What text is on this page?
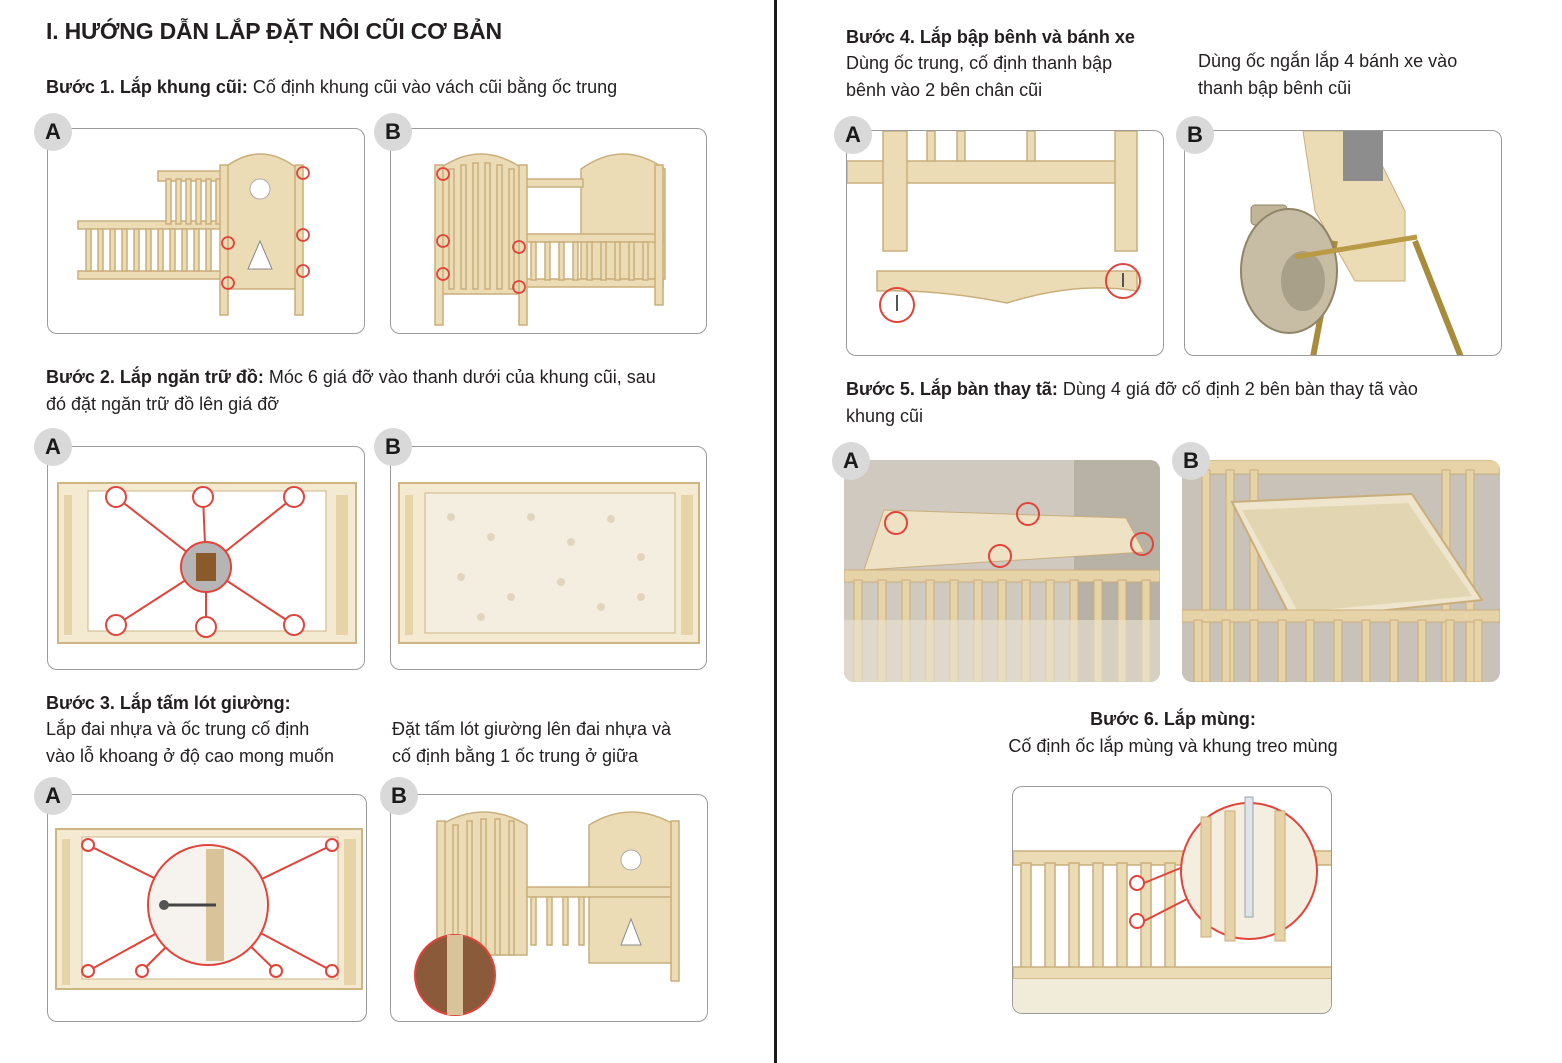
I. HƯỚNG DẪN LẮP ĐẶT NÔI CŨI CƠ BẢN
Bước 1. Lắp khung cũi: Cố định khung cũi vào vách cũi bằng ốc trung
A	B
Bước 2. Lắp ngăn trữ đồ: Móc 6 giá đỡ vào thanh dưới của khung cũi, sau
đó đặt ngăn trữ đồ lên giá đỡ
A	B
Bước 3. Lắp tấm lót giường:
Lắp đai nhựa và ốc trung cố định
vào lỗ khoang ở độ cao mong muốn
Đặt tấm lót giường lên đai nhựa và
cố định bằng 1 ốc trung ở giữa
A	B
Bước 4. Lắp bập bênh và bánh xe
Dùng ốc trung, cố định thanh bập
bênh vào 2 bên chân cũi
Dùng ốc ngắn lắp 4 bánh xe vào
thanh bập bênh cũi
A	B
Bước 5. Lắp bàn thay tã: Dùng 4 giá đỡ cố định 2 bên bàn thay tã vào
khung cũi
A	B
Bước 6. Lắp mùng:
Cố định ốc lắp mùng và khung treo mùng
